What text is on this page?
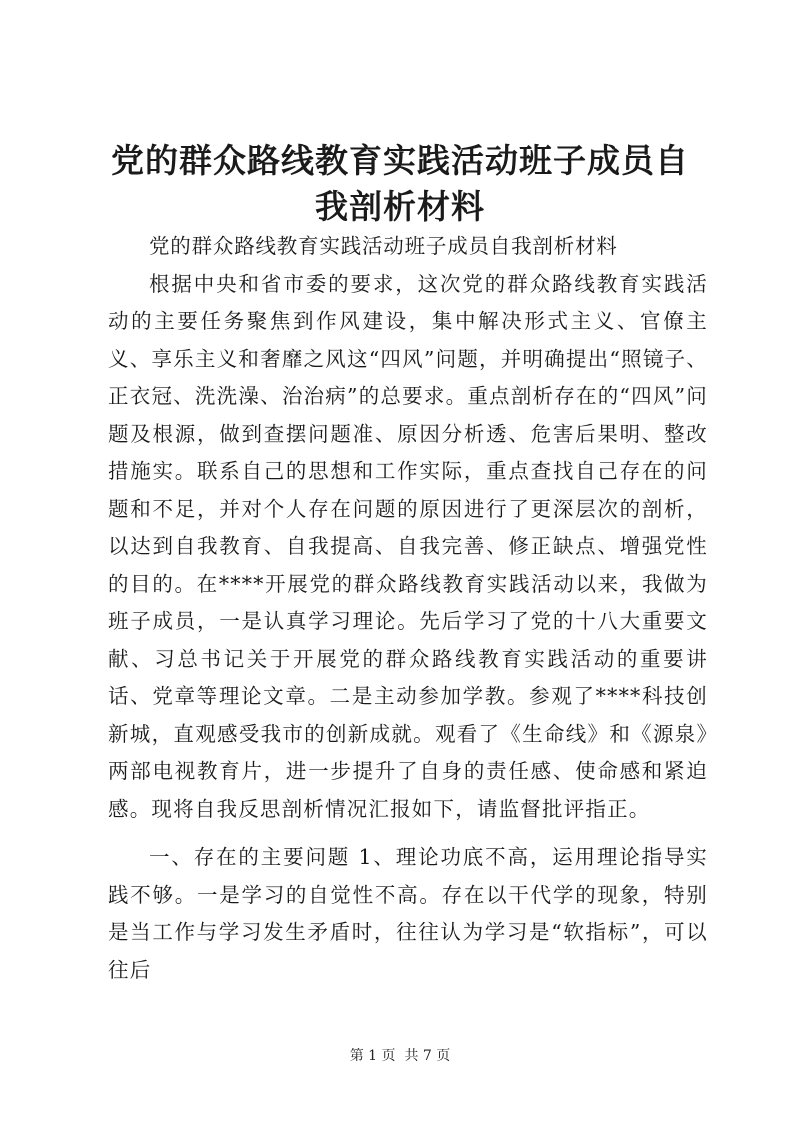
党的群众路线教育实践活动班子成员自我剖析材料

党的群众路线教育实践活动班子成员自我剖析材料

根据中央和省市委的要求，这次党的群众路线教育实践活动的主要任务聚焦到作风建设，集中解决形式主义、官僚主义、享乐主义和奢靡之风这“四风”问题，并明确提出“照镜子、正衣冠、洗洗澡、治治病”的总要求。重点剖析存在的“四风”问题及根源，做到查摆问题准、原因分析透、危害后果明、整改措施实。联系自己的思想和工作实际，重点查找自己存在的问题和不足，并对个人存在问题的原因进行了更深层次的剖析，以达到自我教育、自我提高、自我完善、修正缺点、增强党性的目的。在****开展党的群众路线教育实践活动以来，我做为班子成员，一是认真学习理论。先后学习了党的十八大重要文献、习总书记关于开展党的群众路线教育实践活动的重要讲话、党章等理论文章。二是主动参加学教。参观了****科技创新城，直观感受我市的创新成就。观看了《生命线》和《源泉》两部电视教育片，进一步提升了自身的责任感、使命感和紧迫感。现将自我反思剖析情况汇报如下，请监督批评指正。

一、存在的主要问题 1、理论功底不高，运用理论指导实践不够。一是学习的自觉性不高。存在以干代学的现象，特别是当工作与学习发生矛盾时，往往认为学习是“软指标”，可以往后

第 1 页 共 7 页
